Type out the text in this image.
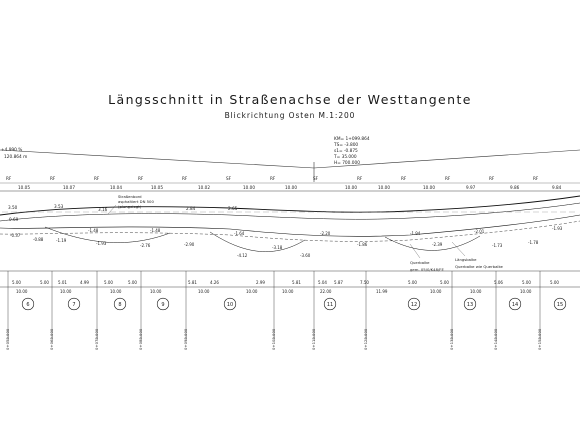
Längsschnitt in Straßenachse der Westtangente
Blickrichtung Osten M.1:200
+4.990 %
120.864 m
KM= 1+099.864
TS= -3.800
s1= -0.875
T= 35.000
H= 700.000
RF	RF	RF	RF	RF	SF	RF	SF	RF	RF	RF	RF	RF
10.05	10.07	10.04	10.05	10.02	10.00	10.00	10.00	10.00	10.00	9.97	9.86	9.84
3.50	3.53
3.16	2.84	2.65
0.69
Straßenbord
asphaltiert DN 500
(plangelegt)
Querbalke
Längsbalke
Querbalke wie Querbalke
gem. 05/0/K48/FE
-0.37
-0.88	-1.19
-1.48
-2.76
-1.93
-1.48
-2.90
-1.64
-3.18
-4.12	-3.60
-2.20
-1.86
-1.94
-2.39
-2.01
-1.73
-1.78
-1.93
5.00	5.00 5.01	4.99	5.00	5.00	5.81	4.26	2.99	5.81	5.04 5.87	7.50	5.00	5.00	5.06	5.00	5.00
10.00	10.00	10.00	10.00	10.00	10.00	10.00	22.00	11.99	10.00	10.00	10.00
6	7	8	9	10	11	12	13	14	15
0+053.000	0+063.000	0+073.000	0+083.000	0+093.000	0+103.000	0+113.000	0+123.000	0+133.000	0+143.000	0+153.000
